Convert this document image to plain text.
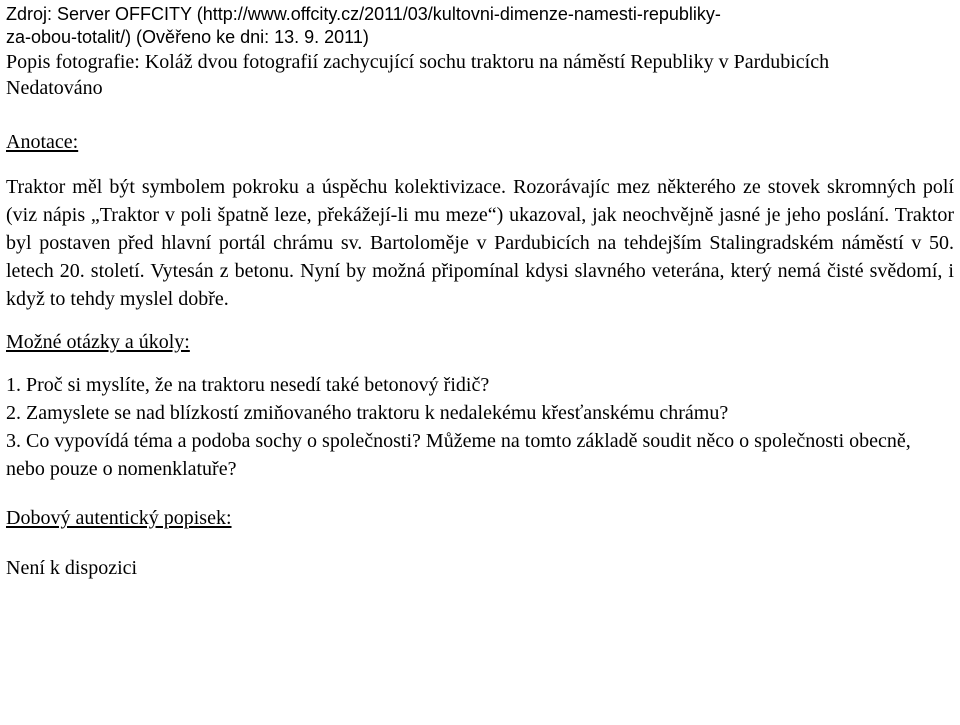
Zdroj: Server OFFCITY (http://www.offcity.cz/2011/03/kultovni-dimenze-namesti-republiky-
za-obou-totalit/) (Ověřeno ke dni: 13. 9. 2011)
Popis fotografie: Koláž dvou fotografií zachycující sochu traktoru na náměstí Republiky v Pardubicích
Nedatováno
Anotace:
Traktor měl být symbolem pokroku a úspěchu kolektivizace. Rozorávajíc mez některého ze stovek skromných polí (viz nápis „Traktor v poli špatně leze, překážejí-li mu meze“) ukazoval, jak neochvějně jasné je jeho poslání. Traktor byl postaven před hlavní portál chrámu sv. Bartoloměje v Pardubicích na tehdejším Stalingradském náměstí v 50. letech 20. století. Vytesán z betonu. Nyní by možná připomínal kdysi slavného veterána, který nemá čisté svědomí, i když to tehdy myslel dobře.
Možné otázky a úkoly:

1. Proč si myslíte, že na traktoru nesedí také betonový řidič?

2. Zamyslete se nad blízkostí zmiňovaného traktoru k nedalekému křesťanskému chrámu?

3. Co vypovídá téma a podoba sochy o společnosti? Můžeme na tomto základě soudit něco o společnosti obecně, nebo pouze o nomenklatuře?

Dobový autentický popisek:
Není k dispozici
